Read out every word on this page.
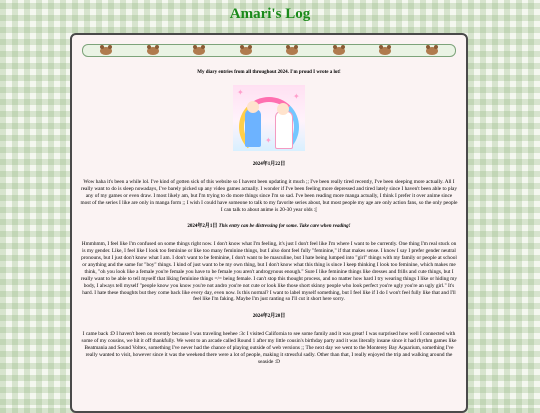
Amari's Log

My diary entries from all throughout 2024. I'm proud I wrote a lot!

✦	✦
✦

2024年1月22日

Wow haha it's been a while lol. I've kind of gotten sick of this website so I havent been updating it much ;; I've been really tired recently, I've been sleeping more actually. All I really want to do is sleep nowadays, I've barely picked up any video games actually. I wonder if I've been feeling more depressed and tired lately since I haven't been able to play any of my games or even draw. I most likely am, but I'm trying to do more things since I'm so sad. I've been reading more manga actually, I think I prefer it over anime since most of the series I like are only in manga form ;; I wish I could have someone to talk to my favorite series about, but most people my age are only action fans, so the only people I can talk to about anime is 20-30 year olds :[

2024年2月1日 This entry can be distressing for some. Take care when reading!

Hmmhmm, I feel like I'm confused on some things right now. I don't know what I'm feeling, it's just I don't feel like I'm where I want to be currently. One thing I'm real stuck on is my gender. Like, I feel like I look too feminine or like too many feminine things, but I also dont feel fully "feminine," if that makes sense. I know I say I prefer gender neutral pronouns, but I just don't know what I am. I don't want to be feminine, I don't want to be masculine, but I hate being lumped into "girl" things with my family or people at school or anything and the same for "boy" things. I kind of just want to be my own thing, but I don't know what this thing is since I keep thinking I look too feminine, which makes me think, "oh you look like a female you're female you have to be female you aren't androgynous enough." Sure I like feminine things like dresses and frills and cute things, but I really want to be able to tell myself that liking feminine things =/= being female. I can't stop this thought process, and no matter how hard I try wearing things I like or hiding my body, I always tell myself "people know you know you're not andro you're not cute or look like those short skinny people who look perfect you're ugly you're an ugly girl." It's hard. I hate these thoughts but they come back like every day, even now. Is this normal? I want to label myself something, but I feel like if I do I won't feel fully like that and I'll feel like I'm faking. Maybe I'm just ranting so I'll cut it short here sorry.

2024年2月20日

I came back :D I haven't been on recently because I was traveling heehee :3c I visited California to see some family and it was great! I was surprised how well I connected with some of my cousins, we hit it off thankfully. We went to an arcade called Round 1 after my little cousin's birthday party and it was literally insane since it had rhythm games like Beatmania and Sound Voltex, something I've never had the chance of playing outside of web versions ;; The next day we went to the Monterey Bay Aquarium, something I've really wanted to visit, however since it was the weekend there were a lot of people, making it stressful sadly. Other than that, I really enjoyed the trip and walking around the seaside :D
